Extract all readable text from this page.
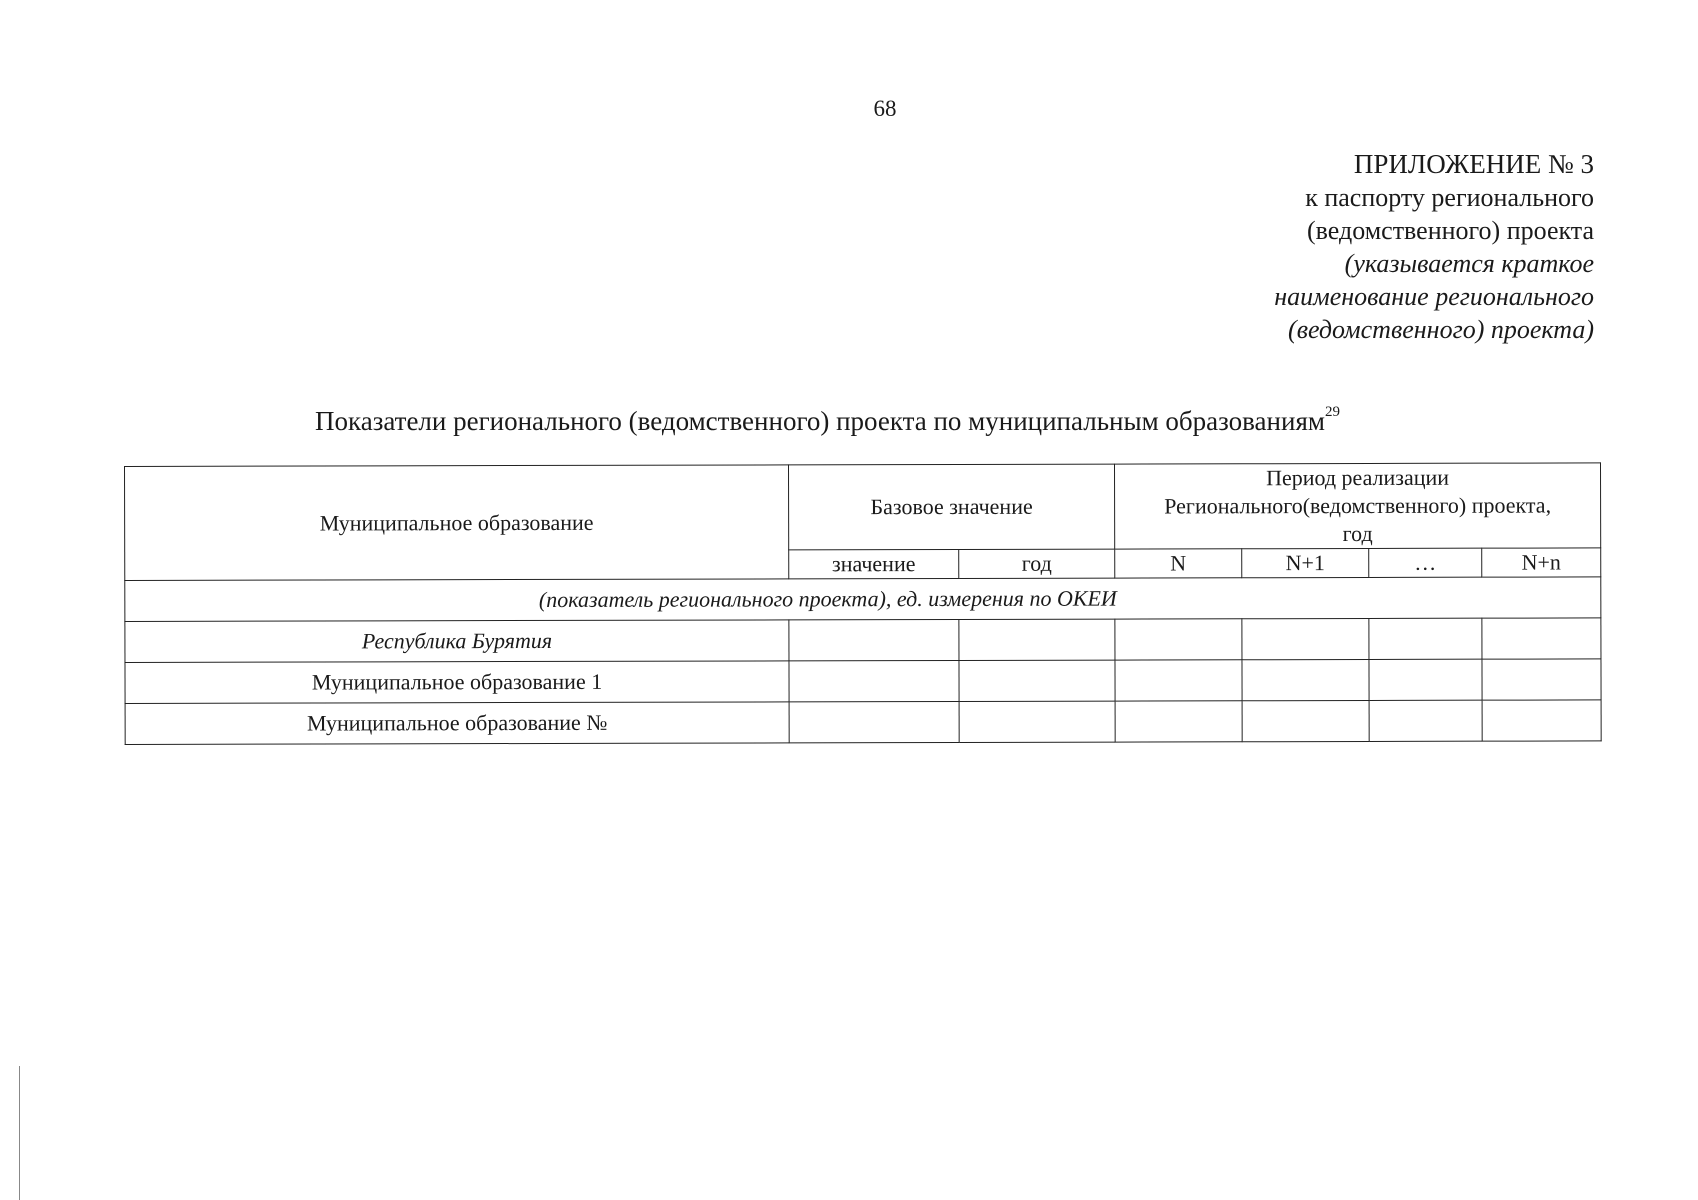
68
ПРИЛОЖЕНИЕ № 3
к паспорту регионального
(ведомственного) проекта
(указывается краткое
наименование регионального
(ведомственного) проекта)
Показатели регионального (ведомственного) проекта по муниципальным образованиям$^{29}$
Муниципальное образование	Базовое значение		Период реализации
Регионального(ведомственного) проекта,
год			

	значение	год	N	N+1	…	N+n
(показатель регионального проекта), ед. измерения по ОКЕИ						
Республика Бурятия						
Муниципальное образование 1						
Муниципальное образование №						
